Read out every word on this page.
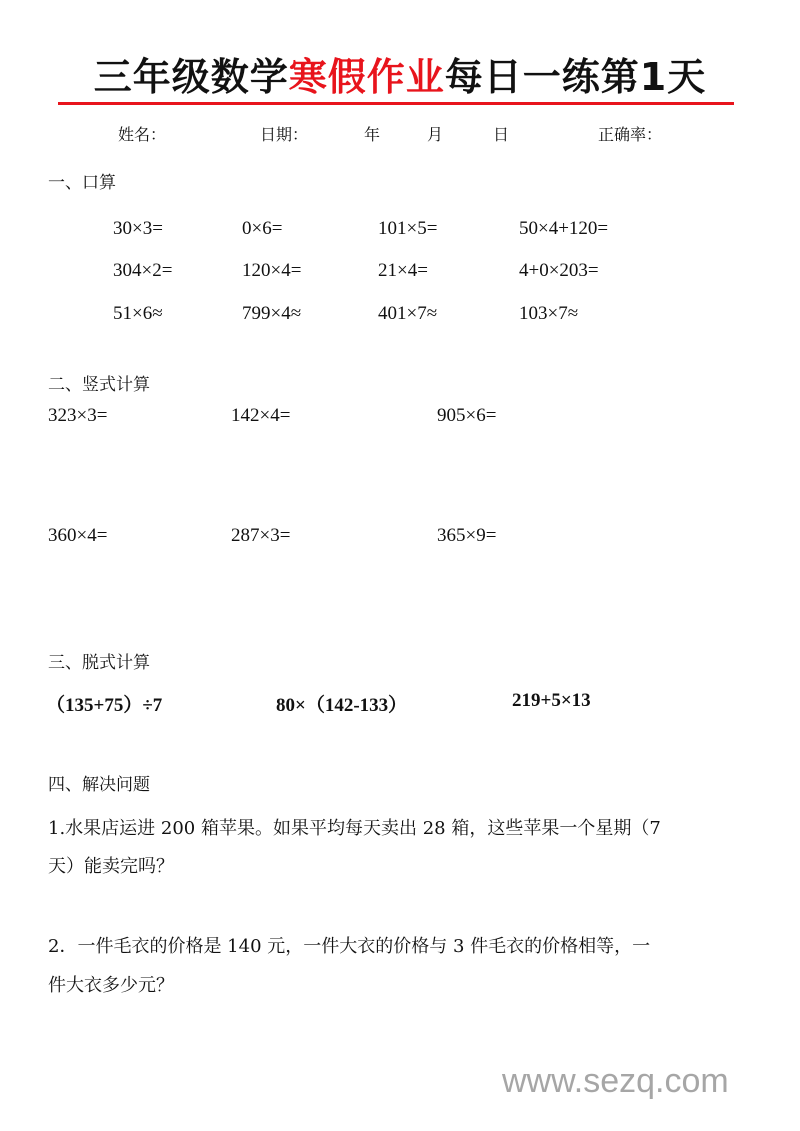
三年级数学寒假作业每日一练第1天
姓名：	日期：	年	月	日	正确率：
一、口算
30×3=	0×6=	101×5=	50×4+120=
304×2=	120×4=	21×4=	4+0×203=
51×6≈	799×4≈	401×7≈	103×7≈
二、竖式计算
323×3=	142×4=	905×6=
360×4=	287×3=	365×9=
三、脱式计算
（135+75）÷7	80×（142-133）	219+5×13
四、解决问题
1.水果店运进 200 箱苹果。如果平均每天卖出 28 箱，这些苹果一个星期（7
天）能卖完吗？
2．一件毛衣的价格是 140 元，一件大衣的价格与 3 件毛衣的价格相等，一
件大衣多少元？
www.sezq.com
